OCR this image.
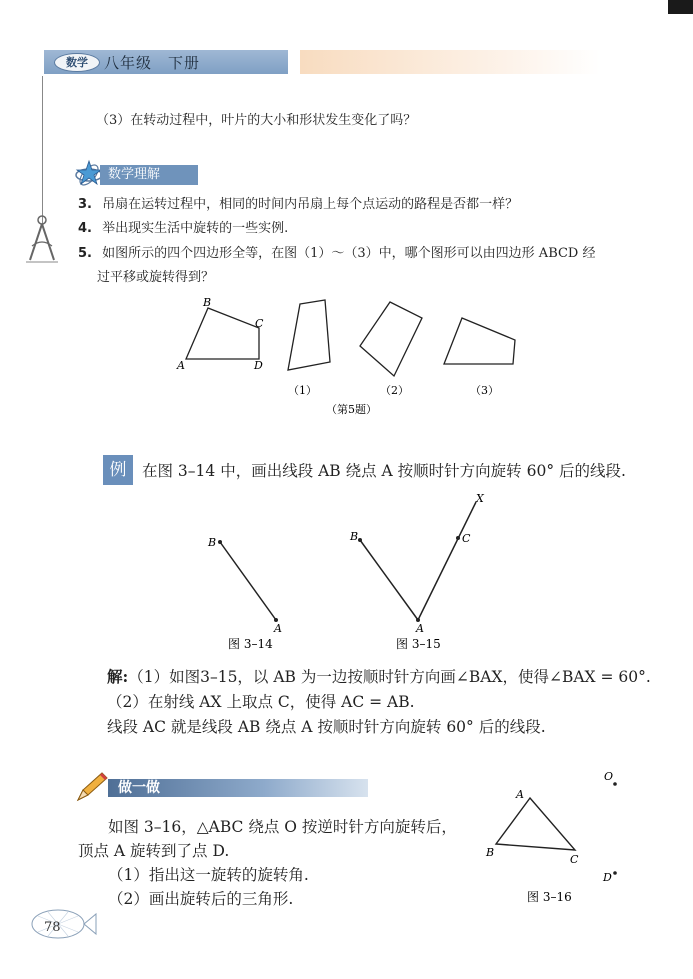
数学	八年级　下册
（3）在转动过程中，叶片的大小和形状发生变化了吗？
数学理解
3. 吊扇在运转过程中，相同的时间内吊扇上每个点运动的路程是否都一样？
4. 举出现实生活中旋转的一些实例.
5. 如图所示的四个四边形全等，在图（1）～（3）中，哪个图形可以由四边形 ABCD 经
过平移或旋转得到？
A
B
C
D
（1）	（2）	（3）
（第5题）
例	在图 3–14 中，画出线段 AB 绕点 A 按顺时针方向旋转 60° 后的线段.
B
A
图 3–14
B	C
X
A
图 3–15
解:（1）如图3–15，以 AB 为一边按顺时针方向画∠BAX，使得∠BAX = 60°.
（2）在射线 AX 上取点 C，使得 AC = AB.
线段 AC 就是线段 AB 绕点 A 按顺时针方向旋转 60° 后的线段.
做一做
如图 3–16，△ABC 绕点 O 按逆时针方向旋转后，
顶点 A 旋转到了点 D.
（1）指出这一旋转的旋转角.
（2）画出旋转后的三角形.
A
B
C
O
D
图 3–16
78
